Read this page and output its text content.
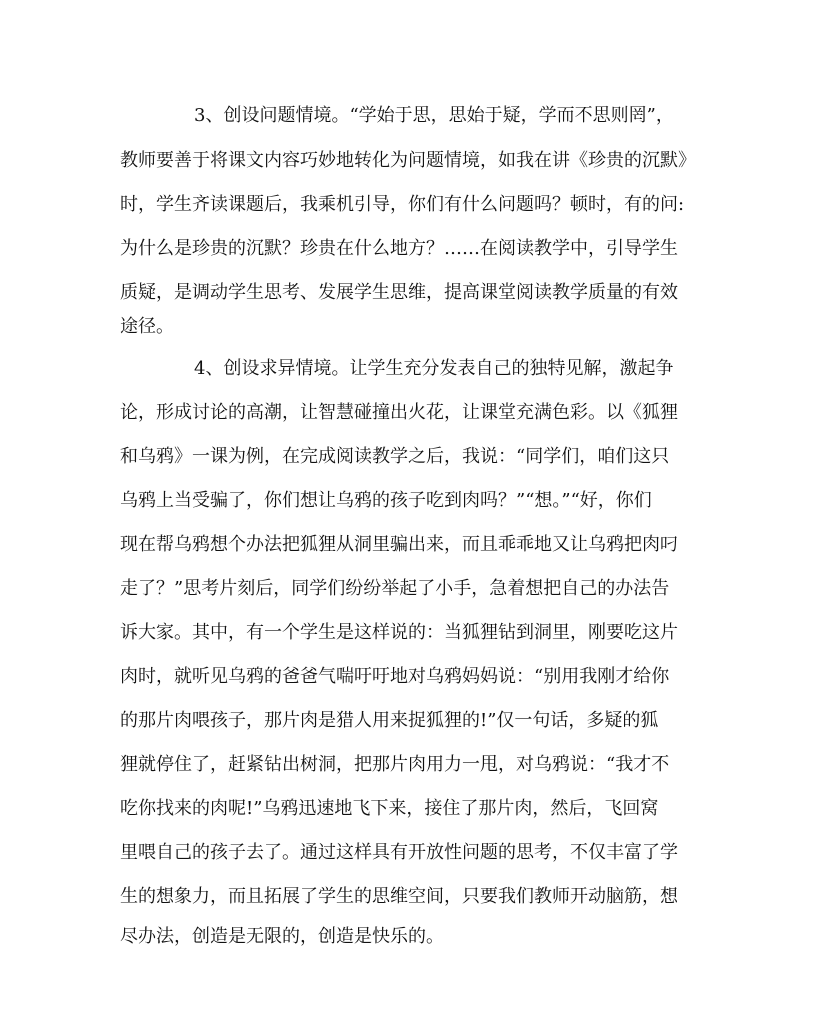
3、创设问题情境。“学始于思，思始于疑，学而不思则罔”，
教师要善于将课文内容巧妙地转化为问题情境，如我在讲《珍贵的沉默》
时，学生齐读课题后，我乘机引导，你们有什么问题吗？顿时，有的问:
为什么是珍贵的沉默？珍贵在什么地方？……在阅读教学中，引导学生
质疑，是调动学生思考、发展学生思维，提高课堂阅读教学质量的有效
途径。
4、创设求异情境。让学生充分发表自己的独特见解，激起争
论，形成讨论的高潮，让智慧碰撞出火花，让课堂充满色彩。以《狐狸
和乌鸦》一课为例，在完成阅读教学之后，我说：“同学们，咱们这只
乌鸦上当受骗了，你们想让乌鸦的孩子吃到肉吗？”“想。”“好，你们
现在帮乌鸦想个办法把狐狸从洞里骗出来，而且乖乖地又让乌鸦把肉叼
走了？”思考片刻后，同学们纷纷举起了小手，急着想把自己的办法告
诉大家。其中，有一个学生是这样说的：当狐狸钻到洞里，刚要吃这片
肉时，就听见乌鸦的爸爸气喘吁吁地对乌鸦妈妈说：“别用我刚才给你
的那片肉喂孩子，那片肉是猎人用来捉狐狸的!”仅一句话，多疑的狐
狸就停住了，赶紧钻出树洞，把那片肉用力一甩，对乌鸦说：“我才不
吃你找来的肉呢!”乌鸦迅速地飞下来，接住了那片肉，然后，飞回窝
里喂自己的孩子去了。通过这样具有开放性问题的思考，不仅丰富了学
生的想象力，而且拓展了学生的思维空间，只要我们教师开动脑筋，想
尽办法，创造是无限的，创造是快乐的。
